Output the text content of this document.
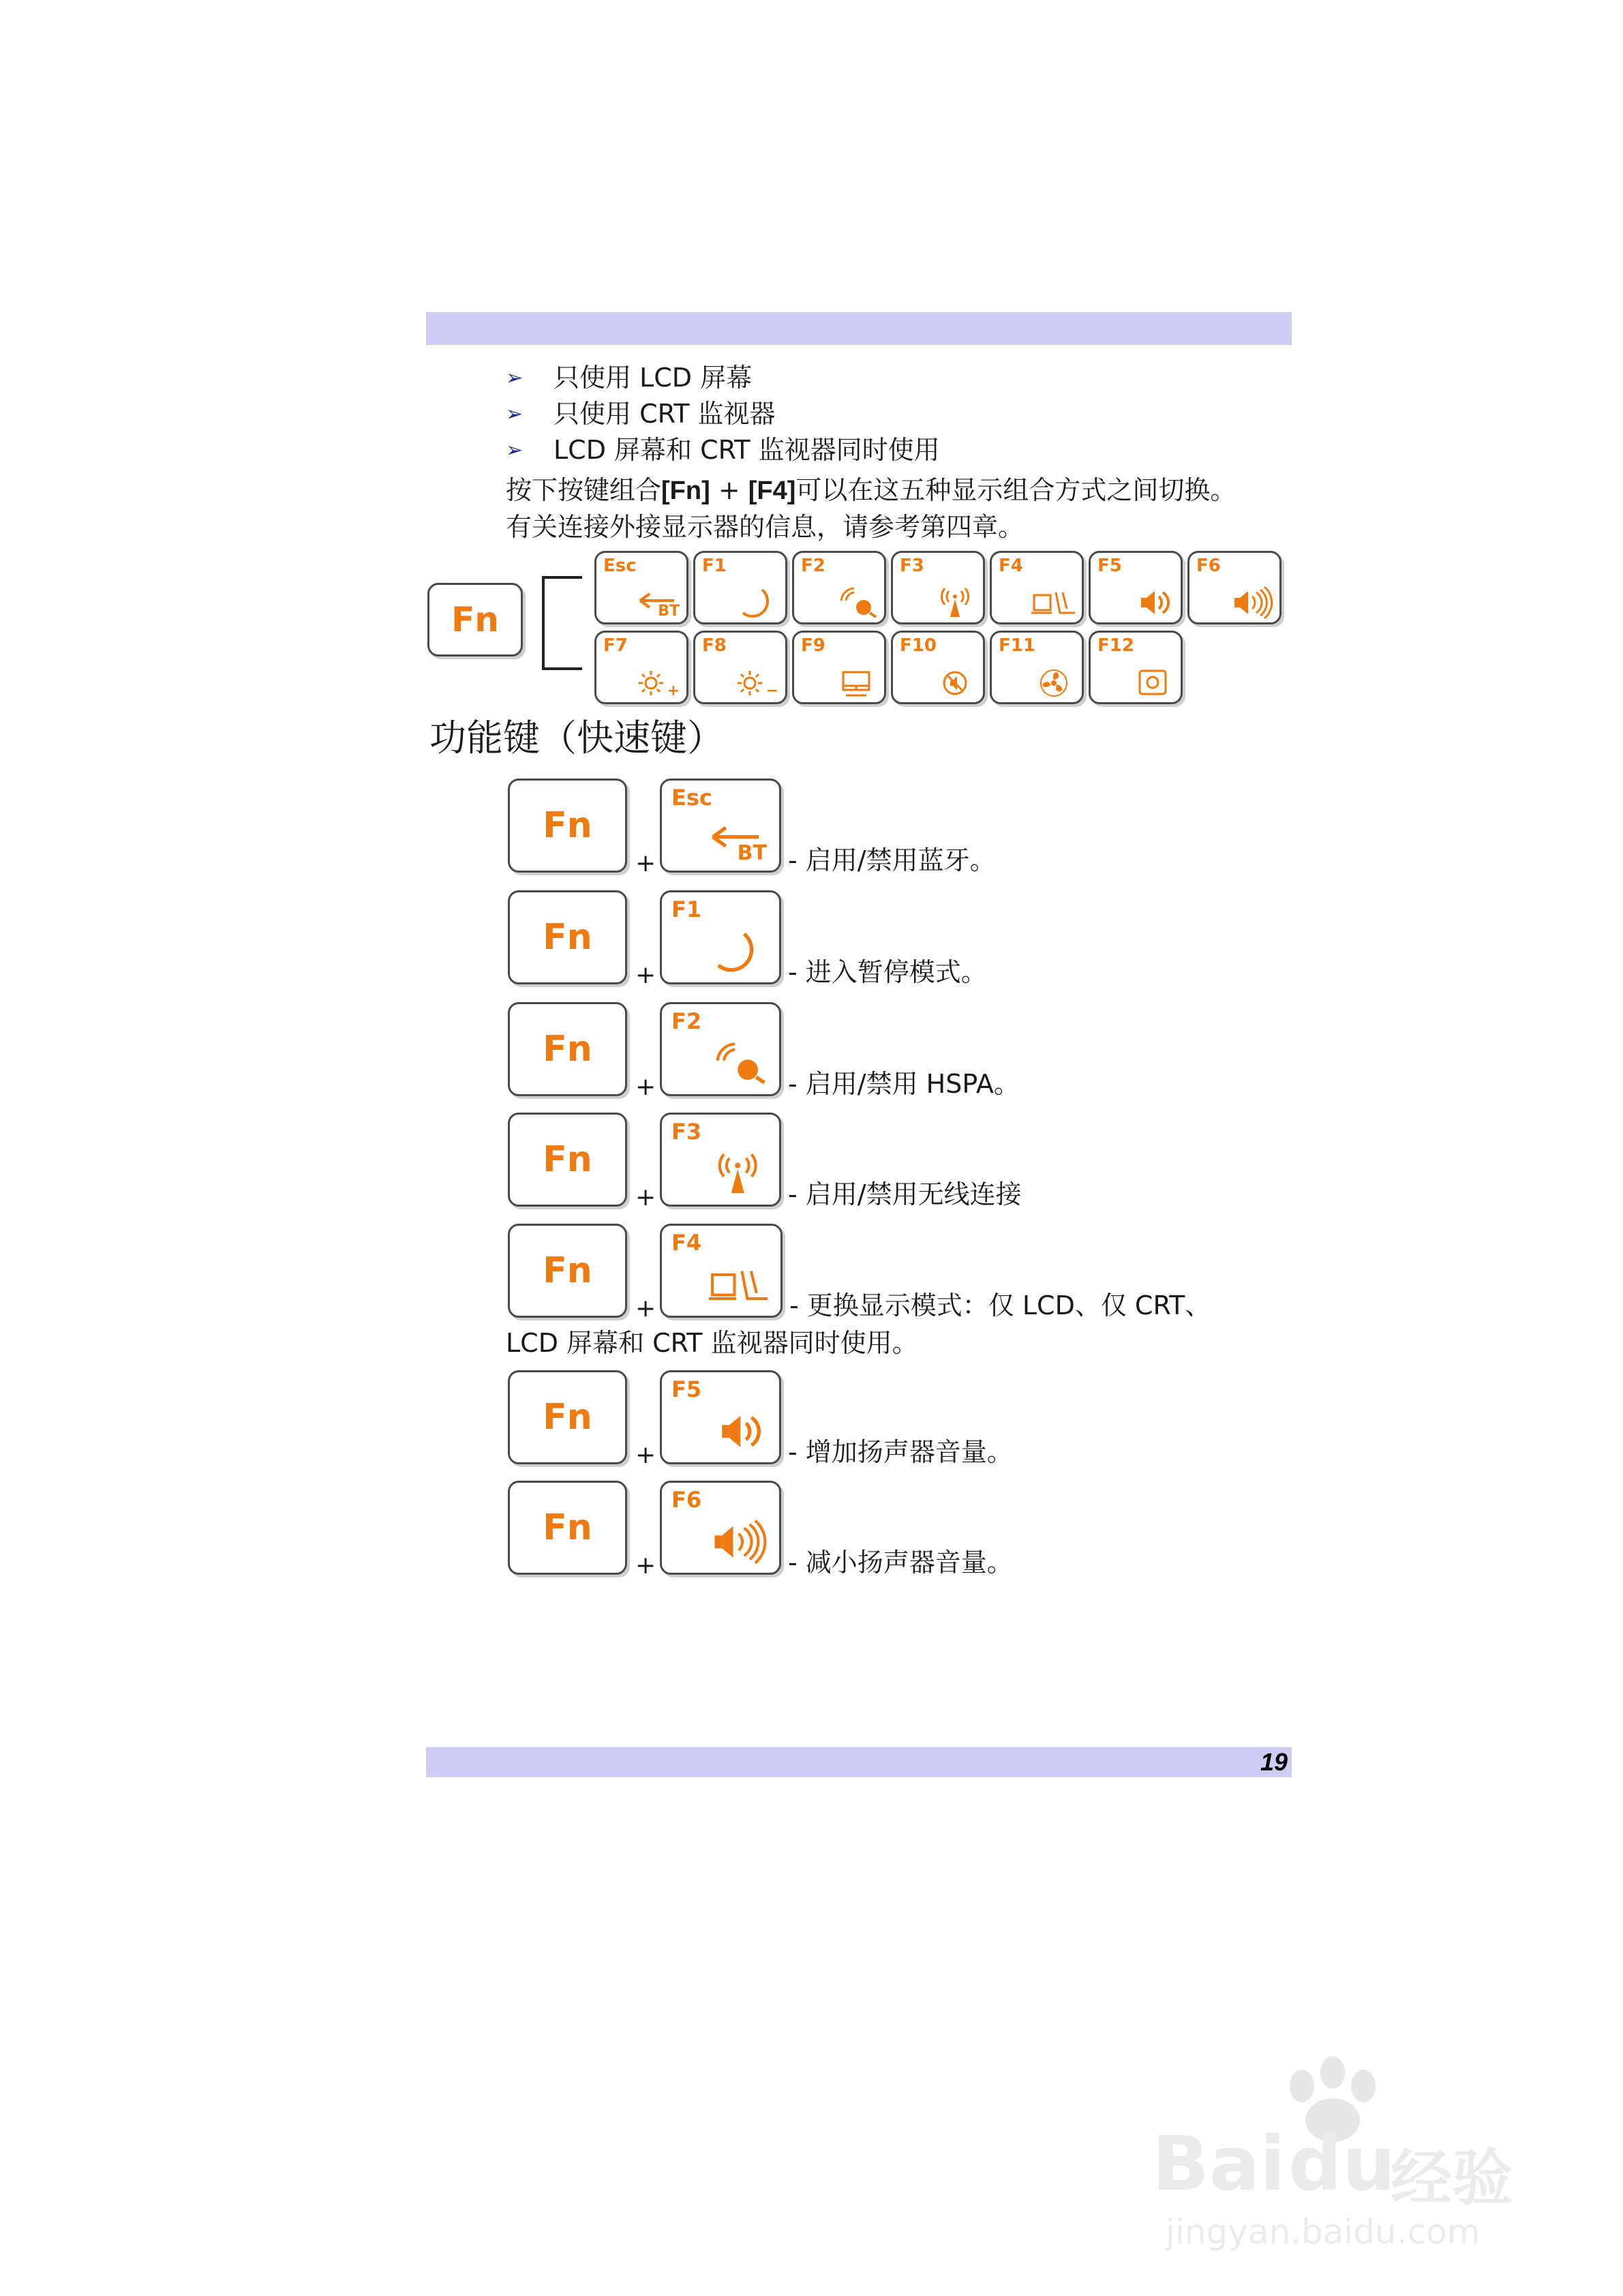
➢ 只使用 LCD 屏幕
➢ 只使用 CRT 监视器
➢ LCD 屏幕和 CRT 监视器同时使用
按下按键组合[Fn] + [F4]可以在这五种显示组合方式之间切换。
有关连接外接显示器的信息，请参考第四章。
Fn
Esc
BT
F1	F2	F3	F4	F5	F6
F7
+
F8
−
F9	F10	F11	F12
功能键（快速键）
Fn
+
Esc
BT - 启用/禁用蓝牙。
Fn
+
F1
- 进入暂停模式。
Fn
+
F2
- 启用/禁用 HSPA。
Fn
+
F3
- 启用/禁用无线连接
Fn
+
F4
- 更换显示模式：仅 LCD、仅 CRT、
LCD 屏幕和 CRT 监视器同时使用。
Fn
+
F5
- 增加扬声器音量。
Fn
+
F6
- 减小扬声器音量。
19
Bai du
经验
jingyan.baidu.com
